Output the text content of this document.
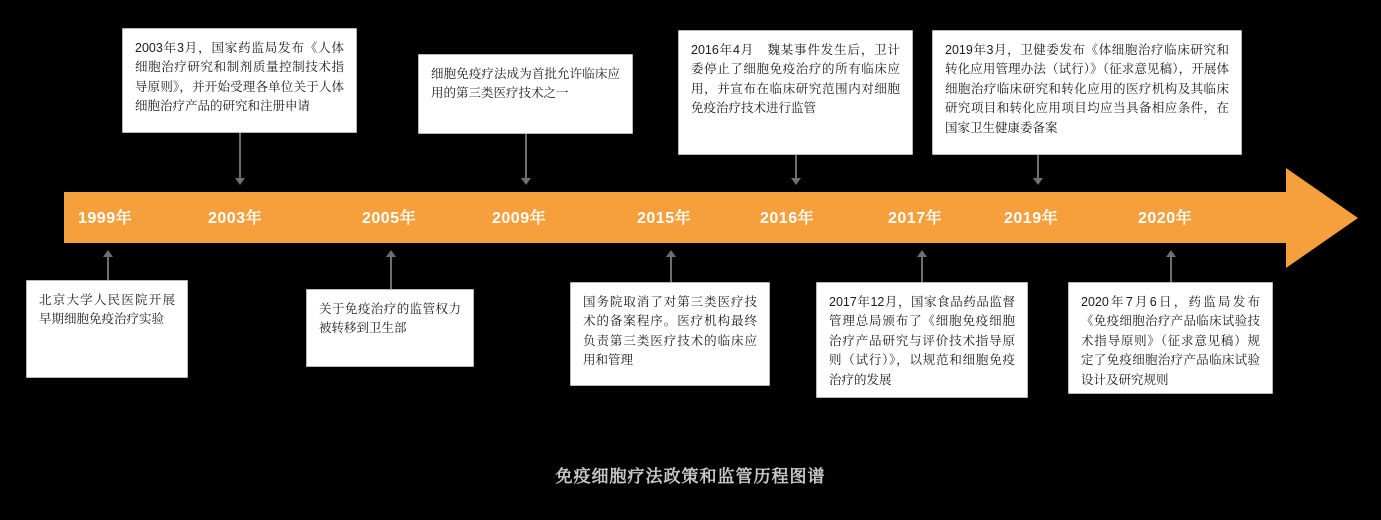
1999年	2003年	2005年	2009年	2015年	2016年	2017年	2019年	2020年
2003年3月，国家药监局发布《人体细胞治疗研究和制剂质量控制技术指导原则》，并开始受理各单位关于人体细胞治疗产品的研究和注册申请
细胞免疫疗法成为首批允许临床应用的第三类医疗技术之一
2016年4月　魏某事件发生后，卫计委停止了细胞免疫治疗的所有临床应用，并宣布在临床研究范围内对细胞免疫治疗技术进行监管
2019年3月，卫健委发布《体细胞治疗临床研究和转化应用管理办法（试行）》（征求意见稿），开展体细胞治疗临床研究和转化应用的医疗机构及其临床研究项目和转化应用项目均应当具备相应条件，在国家卫生健康委备案
北京大学人民医院开展早期细胞免疫治疗实验
关于免疫治疗的监管权力被转移到卫生部
国务院取消了对第三类医疗技术的备案程序。医疗机构最终负责第三类医疗技术的临床应用和管理
2017年12月，国家食品药品监督管理总局颁布了《细胞免疫细胞治疗产品研究与评价技术指导原则（试行）》，以规范和细胞免疫治疗的发展
2020年7月6日，药监局发布《免疫细胞治疗产品临床试验技术指导原则》（征求意见稿）规定了免疫细胞治疗产品临床试验设计及研究规则
免疫细胞疗法政策和监管历程图谱
